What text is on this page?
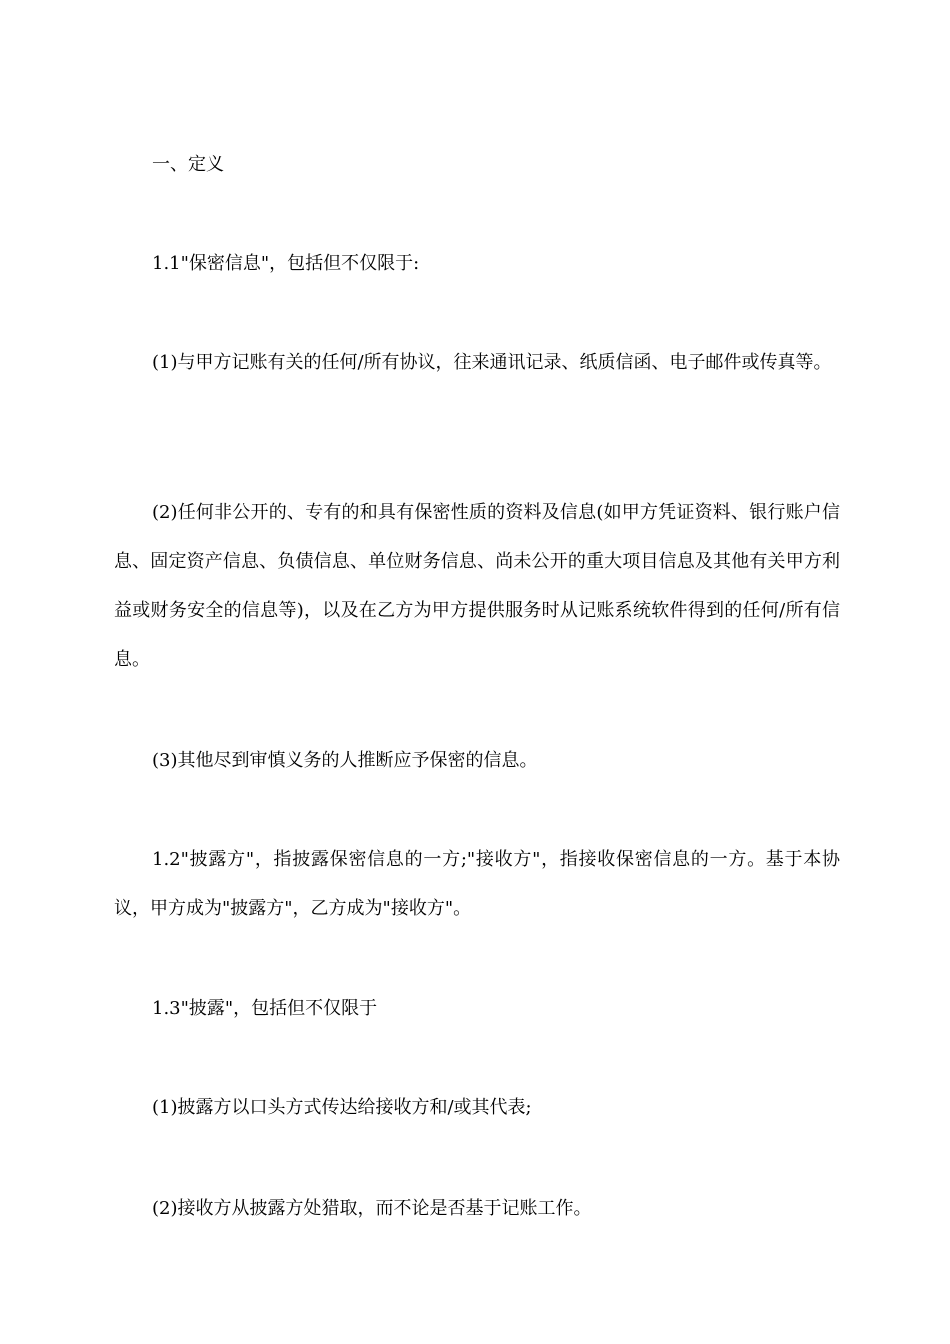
一、定义

1.1"保密信息"，包括但不仅限于:

(1)与甲方记账有关的任何/所有协议，往来通讯记录、纸质信函、电子邮件或传真等。

(2)任何非公开的、专有的和具有保密性质的资料及信息(如甲方凭证资料、银行账户信息、固定资产信息、负债信息、单位财务信息、尚未公开的重大项目信息及其他有关甲方利益或财务安全的信息等)，以及在乙方为甲方提供服务时从记账系统软件得到的任何/所有信息。

(3)其他尽到审慎义务的人推断应予保密的信息。

1.2"披露方"，指披露保密信息的一方;"接收方"，指接收保密信息的一方。基于本协议，甲方成为"披露方"，乙方成为"接收方"。

1.3"披露"，包括但不仅限于

(1)披露方以口头方式传达给接收方和/或其代表;

(2)接收方从披露方处猎取，而不论是否基于记账工作。
